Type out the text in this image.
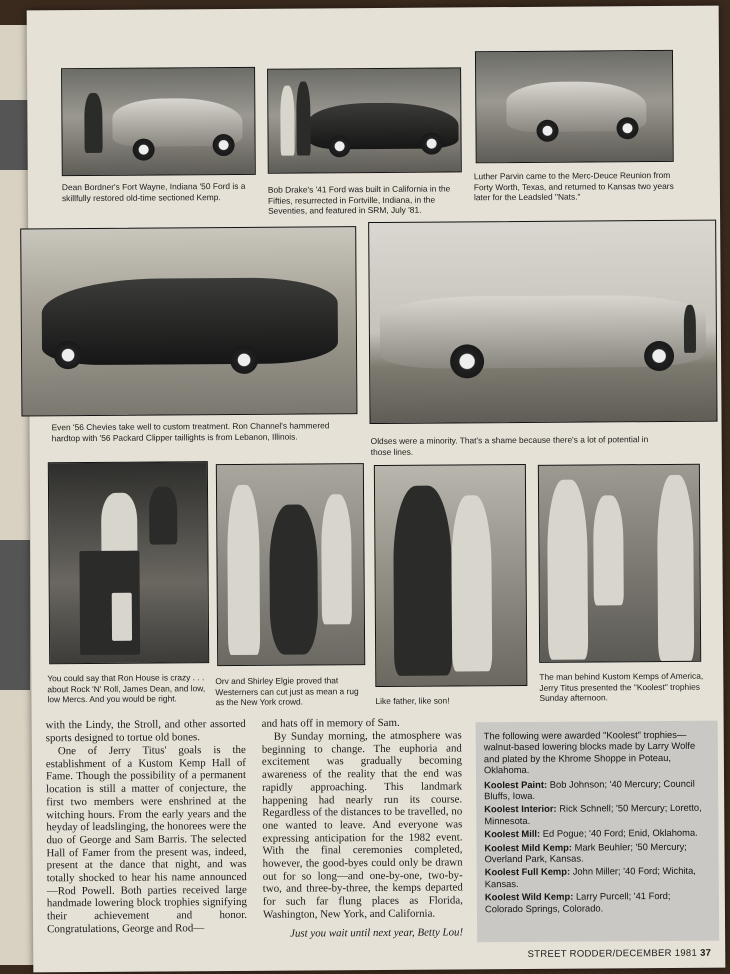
Dean Bordner's Fort Wayne, Indiana '50 Ford is a skillfully restored old-time sectioned Kemp.
Bob Drake's '41 Ford was built in California in the Fifties, resurrected in Fortville, Indiana, in the Seventies, and featured in SRM, July '81.
Luther Parvin came to the Merc-Deuce Reunion from Forty Worth, Texas, and returned to Kansas two years later for the Leadsled "Nats."
Even '56 Chevies take well to custom treatment. Ron Channel's hammered hardtop with '56 Packard Clipper taillights is from Lebanon, Illinois.	Oldses were a minority. That's a shame because there's a lot of potential in those lines.
You could say that Ron House is crazy . . . about Rock 'N' Roll, James Dean, and low, low Mercs. And you would be right.
Orv and Shirley Elgie proved that Westerners can cut just as mean a rug as the New York crowd.	Like father, like son!
The man behind Kustom Kemps of America, Jerry Titus presented the "Koolest" trophies Sunday afternoon.

with the Lindy, the Stroll, and other assorted sports designed to tortue old bones.

One of Jerry Titus' goals is the establishment of a Kustom Kemp Hall of Fame. Though the possibility of a permanent location is still a matter of conjecture, the first two members were enshrined at the witching hours. From the early years and the heyday of leadslinging, the honorees were the duo of George and Sam Barris. The selected Hall of Famer from the present was, indeed, present at the dance that night, and was totally shocked to hear his name announced—Rod Powell. Both parties received large handmade lowering block trophies signifying their achievement and honor. Congratulations, George and Rod—

and hats off in memory of Sam.

By Sunday morning, the atmosphere was beginning to change. The euphoria and excitement was gradually becoming awareness of the reality that the end was rapidly approaching. This landmark happening had nearly run its course. Regardless of the distances to be travelled, no one wanted to leave. And everyone was expressing anticipation for the 1982 event. With the final ceremonies completed, however, the good-byes could only be drawn out for so long—and one-by-one, two-by-two, and three-by-three, the kemps departed for such far flung places as Florida, Washington, New York, and California.

Just you wait until next year, Betty Lou!

The following were awarded "Koolest" trophies—walnut-based lowering blocks made by Larry Wolfe and plated by the Khrome Shoppe in Poteau, Oklahoma.

Koolest Paint: Bob Johnson; '40 Mercury; Council Bluffs, Iowa.

Koolest Interior: Rick Schnell; '50 Mercury; Loretto, Minnesota.

Koolest Mill: Ed Pogue; '40 Ford; Enid, Oklahoma.

Koolest Mild Kemp: Mark Beuhler; '50 Mercury; Overland Park, Kansas.

Koolest Full Kemp: John Miller; '40 Ford; Wichita, Kansas.

Koolest Wild Kemp: Larry Purcell; '41 Ford; Colorado Springs, Colorado.

STREET RODDER/DECEMBER 1981 37
